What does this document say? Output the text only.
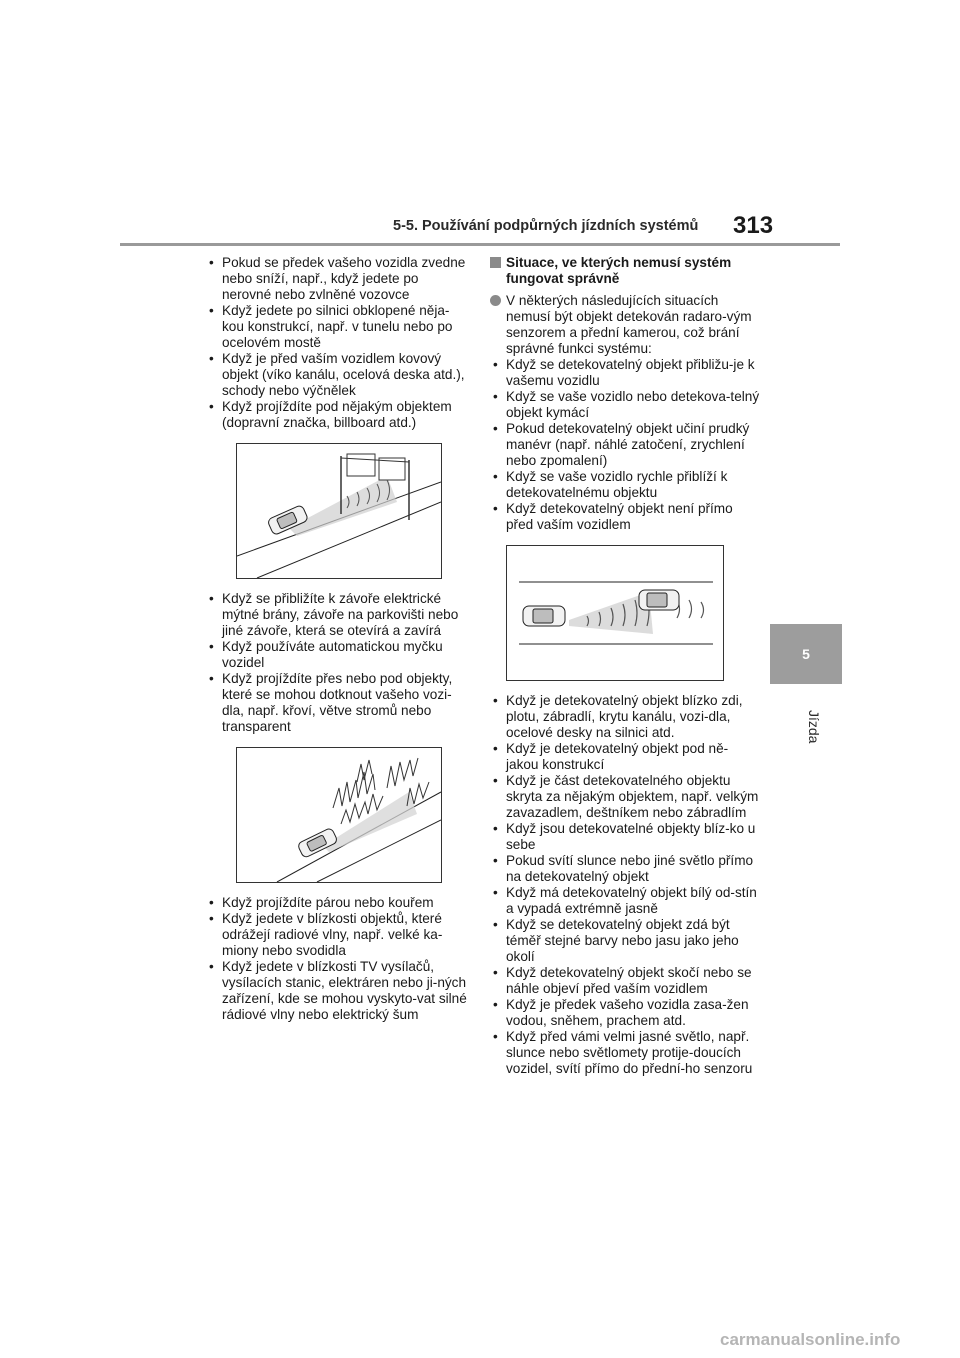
5-5. Používání podpůrných jízdních systémů 313
5
Jízda
• Pokud se předek vašeho vozidla zvedne nebo sníží, např., když jedete po nerovné nebo zvlněné vozovce
• Když jedete po silnici obklopené něja-kou konstrukcí, např. v tunelu nebo po ocelovém mostě
• Když je před vaším vozidlem kovový objekt (víko kanálu, ocelová deska atd.), schody nebo výčnělek
• Když projíždíte pod nějakým objektem (dopravní značka, billboard atd.)
• Když se přibližíte k závoře elektrické mýtné brány, závoře na parkovišti nebo jiné závoře, která se otevírá a zavírá
• Když používáte automatickou myčku vozidel
• Když projíždíte přes nebo pod objekty, které se mohou dotknout vašeho vozi-dla, např. křoví, větve stromů nebo transparent
• Když projíždíte párou nebo kouřem
• Když jedete v blízkosti objektů, které odrážejí radiové vlny, např. velké ka-miony nebo svodidla
• Když jedete v blízkosti TV vysílačů, vysílacích stanic, elektráren nebo ji-ných zařízení, kde se mohou vyskyto-vat silné rádiové vlny nebo elektrický šum
Situace, ve kterých nemusí systém fungovat správně
V některých následujících situacích nemusí být objekt detekován radaro-vým senzorem a přední kamerou, což brání správné funkci systému:
• Když se detekovatelný objekt přibližu-je k vašemu vozidlu
• Když se vaše vozidlo nebo detekova-telný objekt kymácí
• Pokud detekovatelný objekt učiní prudký manévr (např. náhlé zatočení, zrychlení nebo zpomalení)
• Když se vaše vozidlo rychle přiblíží k detekovatelnému objektu
• Když detekovatelný objekt není přímo před vaším vozidlem
• Když je detekovatelný objekt blízko zdi, plotu, zábradlí, krytu kanálu, vozi-dla, ocelové desky na silnici atd.
• Když je detekovatelný objekt pod ně-jakou konstrukcí
• Když je část detekovatelného objektu skryta za nějakým objektem, např. velkým zavazadlem, deštníkem nebo zábradlím
• Když jsou detekovatelné objekty blíz-ko u sebe
• Pokud svítí slunce nebo jiné světlo přímo na detekovatelný objekt
• Když má detekovatelný objekt bílý od-stín a vypadá extrémně jasně
• Když se detekovatelný objekt zdá být téměř stejné barvy nebo jasu jako jeho okolí
• Když detekovatelný objekt skočí nebo se náhle objeví před vaším vozidlem
• Když je předek vašeho vozidla zasa-žen vodou, sněhem, prachem atd.
• Když před vámi velmi jasné světlo, např. slunce nebo světlomety protije-doucích vozidel, svítí přímo do přední-ho senzoru
carmanualsonline.info
